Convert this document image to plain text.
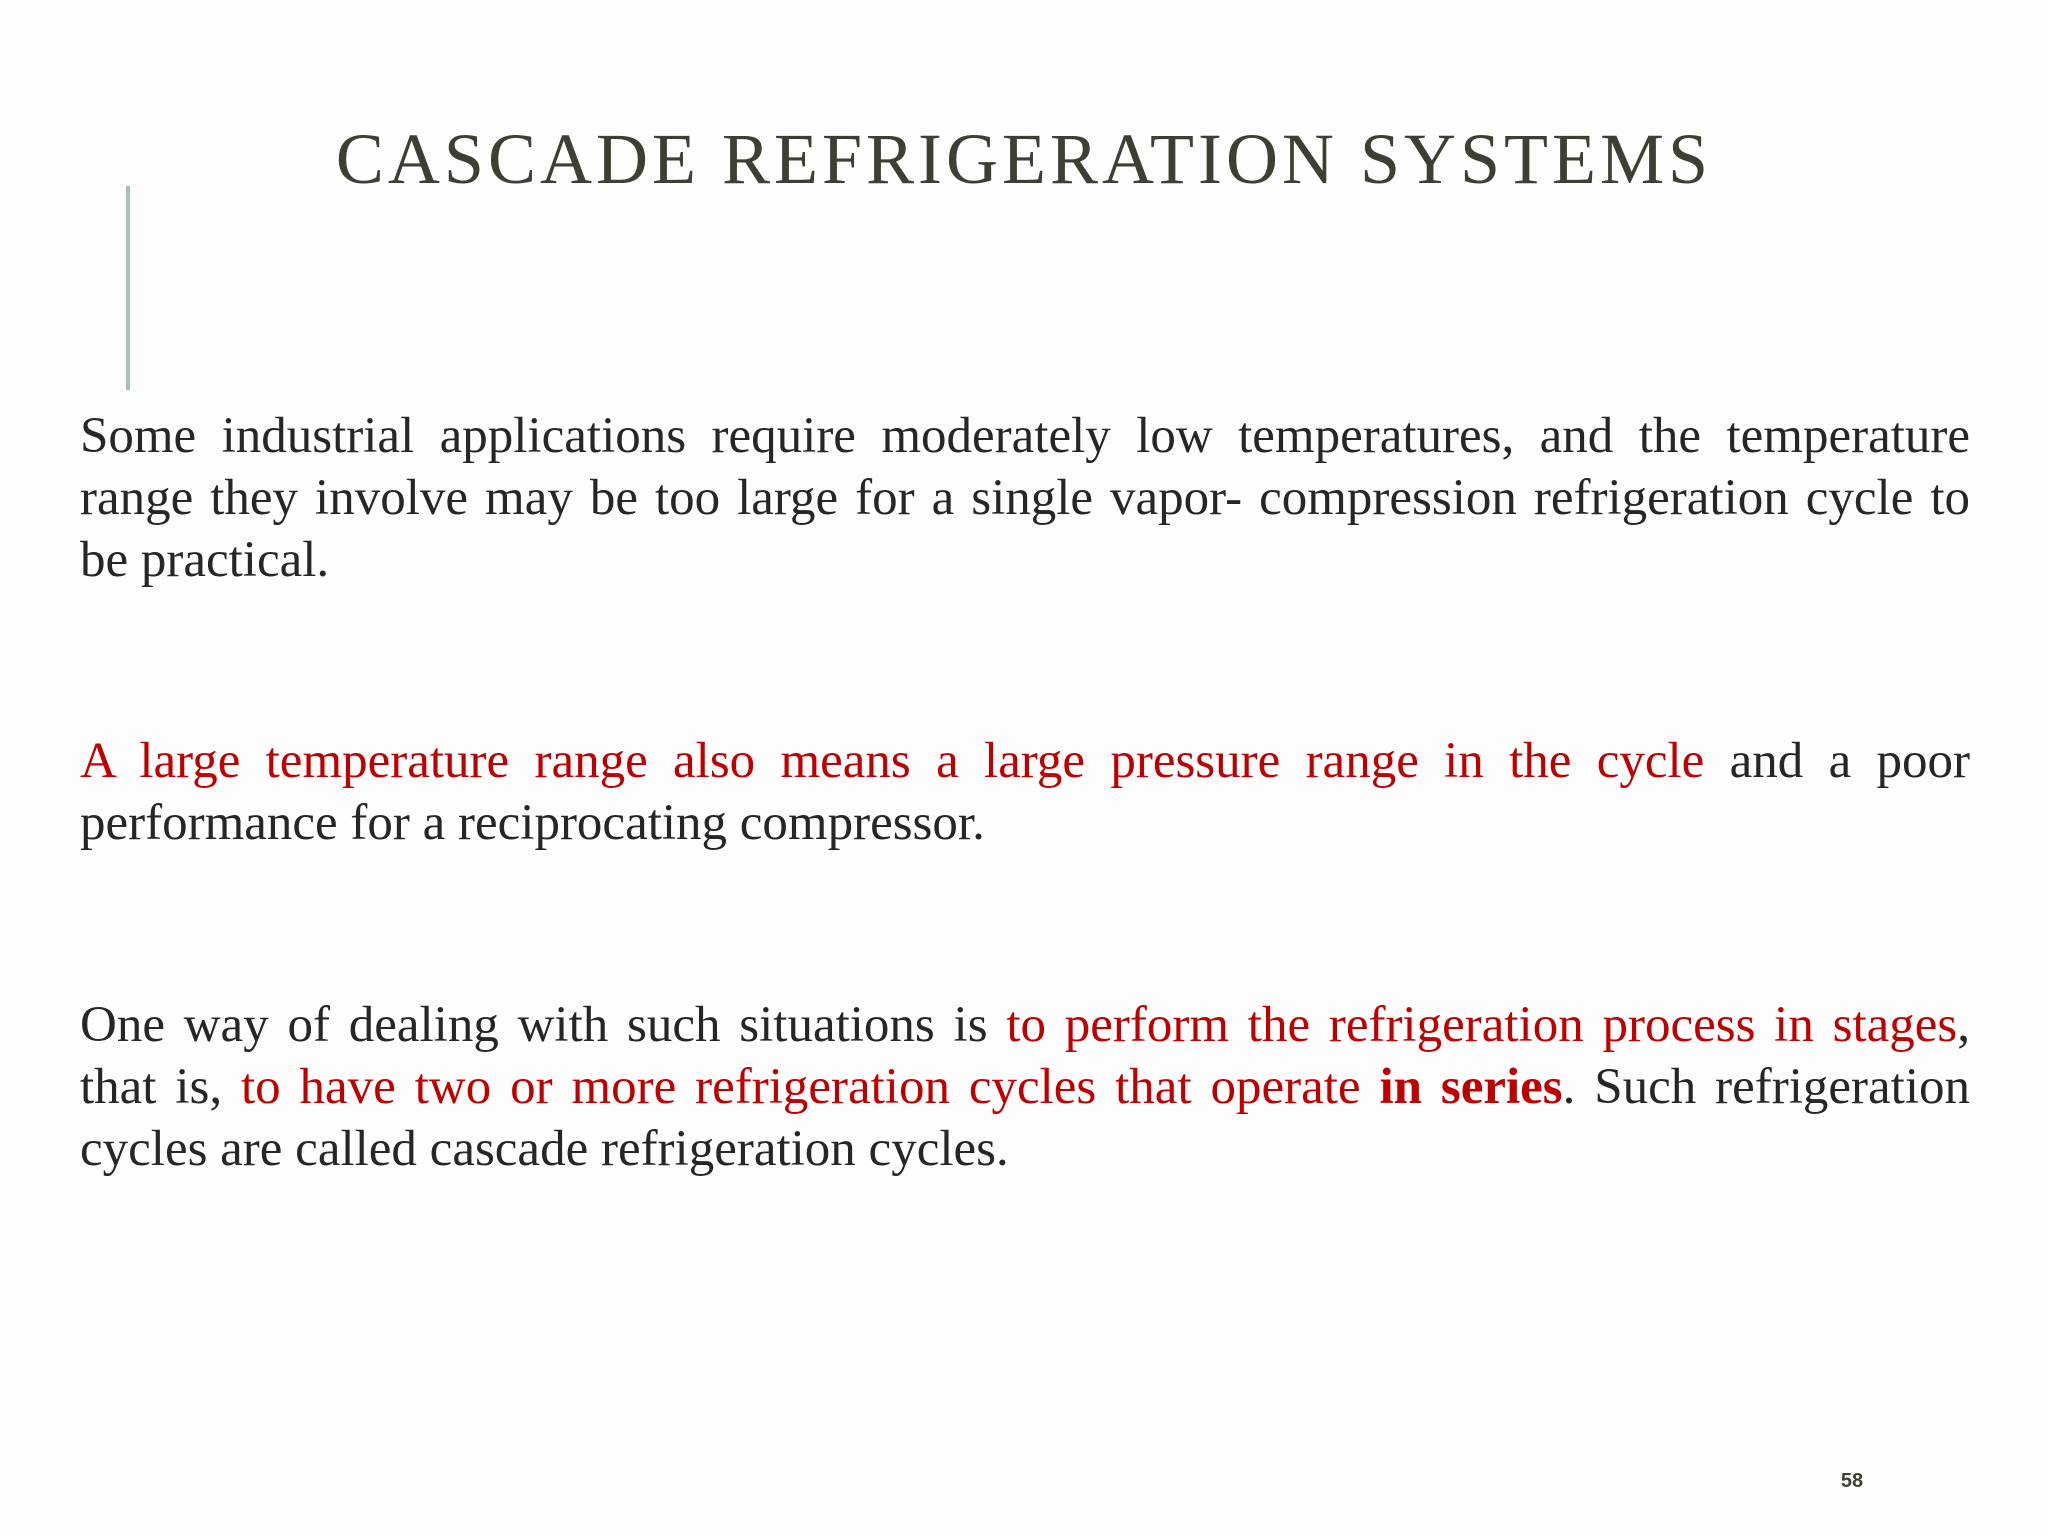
CASCADE REFRIGERATION SYSTEMS

Some industrial applications require moderately low temperatures, and the temperature range they involve may be too large for a single vapor- compression refrigeration cycle to be practical.

A large temperature range also means a large pressure range in the cycle and a poor performance for a reciprocating compressor.

One way of dealing with such situations is to perform the refrigeration process in stages, that is, to have two or more refrigeration cycles that operate in series. Such refrigeration cycles are called cascade refrigeration cycles.

58
